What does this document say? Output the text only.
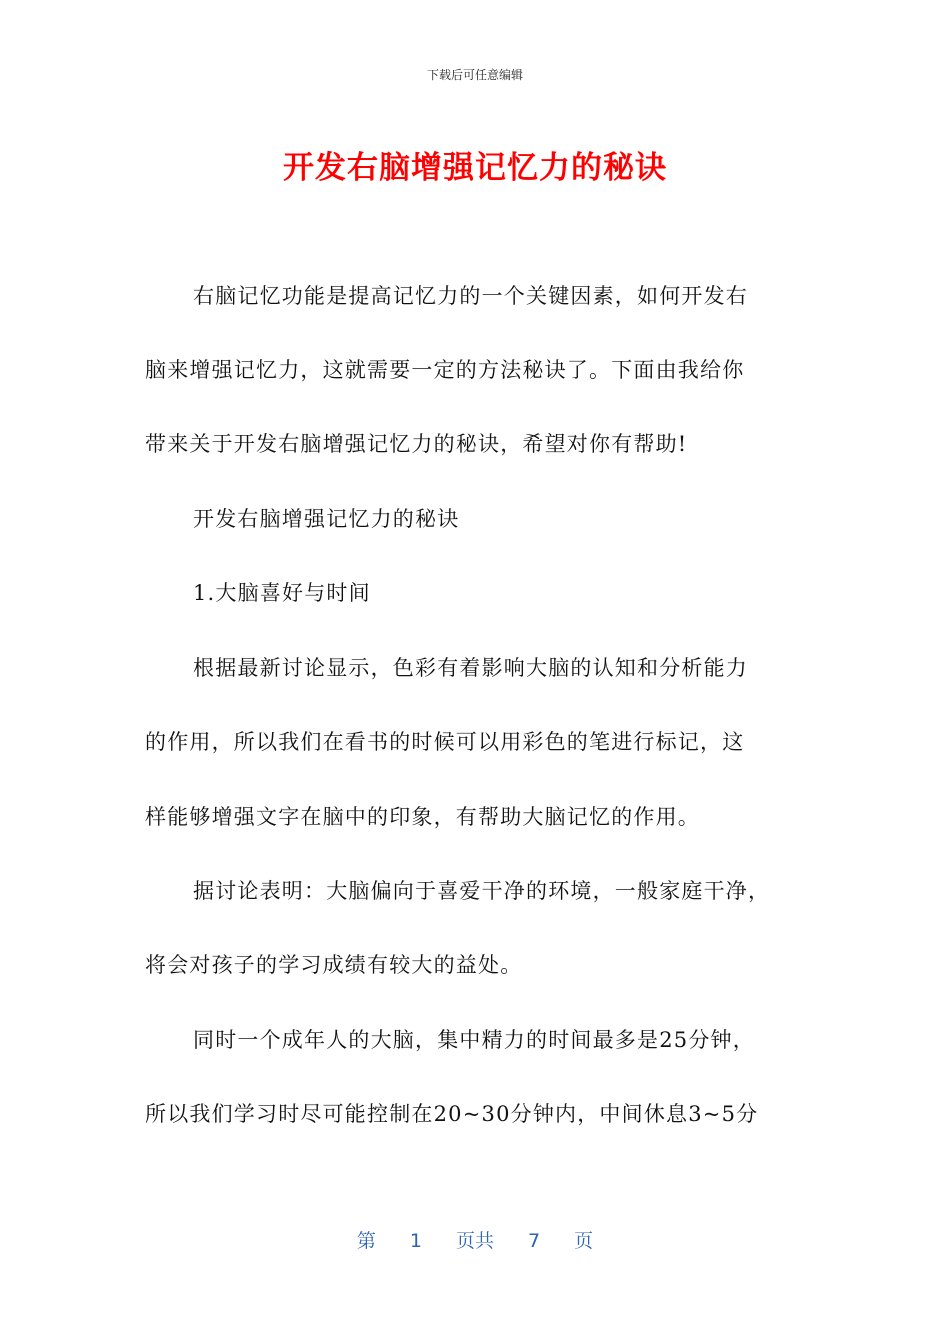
下载后可任意编辑
开发右脑增强记忆力的秘诀
右脑记忆功能是提高记忆力的一个关键因素，如何开发右
脑来增强记忆力，这就需要一定的方法秘诀了。下面由我给你
带来关于开发右脑增强记忆力的秘诀，希望对你有帮助!
开发右脑增强记忆力的秘诀
1.大脑喜好与时间
根据最新讨论显示，色彩有着影响大脑的认知和分析能力
的作用，所以我们在看书的时候可以用彩色的笔进行标记，这
样能够增强文字在脑中的印象，有帮助大脑记忆的作用。
据讨论表明：大脑偏向于喜爱干净的环境，一般家庭干净，
将会对孩子的学习成绩有较大的益处。
同时一个成年人的大脑，集中精力的时间最多是25分钟，
所以我们学习时尽可能控制在20~30分钟内，中间休息3~5分
第 1 页共 7 页
